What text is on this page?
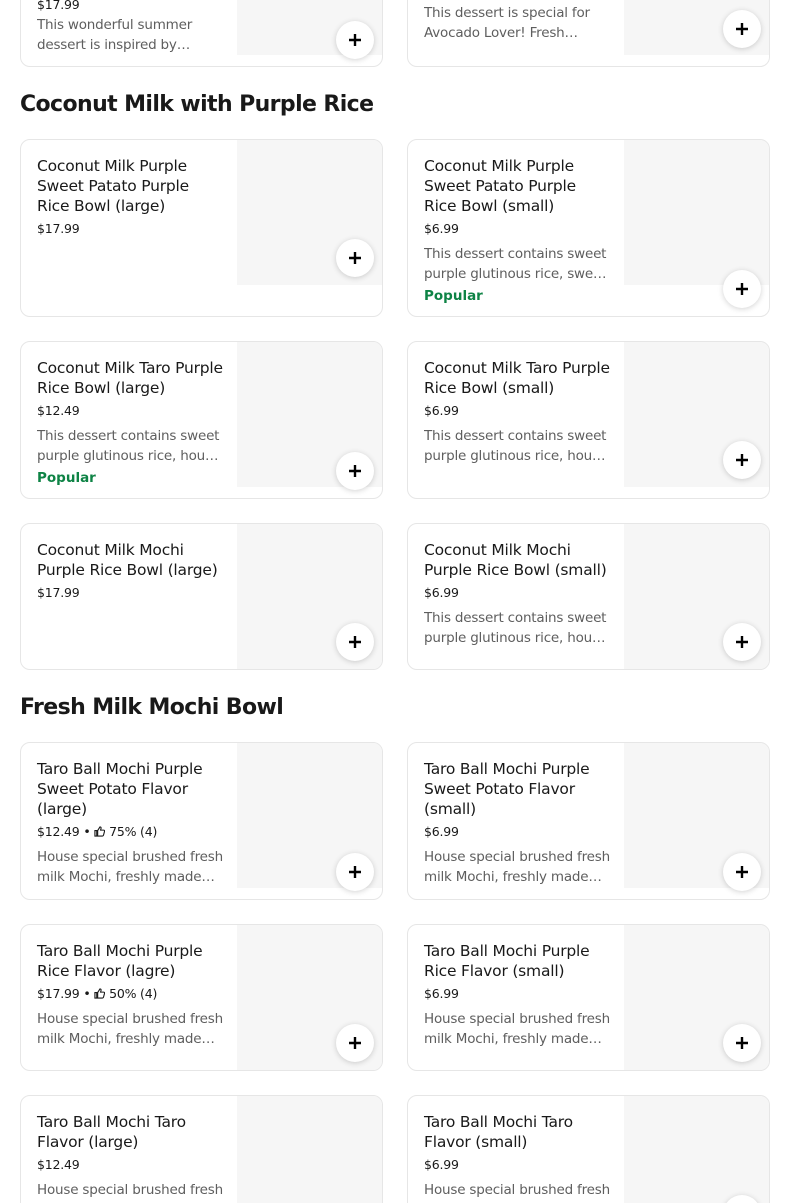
$17.99
This wonderful summer dessert is inspired by
This dessert is special for Avocado Lover! Fresh
Coconut Milk with Purple Rice
Coconut Milk Purple Sweet Patato Purple Rice Bowl (large)
$17.99
Coconut Milk Purple Sweet Patato Purple Rice Bowl (small)
$6.99
This dessert contains sweet purple glutinous rice, sweet
Popular
Coconut Milk Taro Purple Rice Bowl (large)
$12.49
This dessert contains sweet purple glutinous rice, house
Popular
Coconut Milk Taro Purple Rice Bowl (small)
$6.99
This dessert contains sweet purple glutinous rice, house
Coconut Milk Mochi Purple Rice Bowl (large)
$17.99
Coconut Milk Mochi Purple Rice Bowl (small)
$6.99
This dessert contains sweet purple glutinous rice, house
Fresh Milk Mochi Bowl
Taro Ball Mochi Purple Sweet Potato Flavor (large)
$12.49 • 75% (4)
House special brushed fresh milk Mochi, freshly made
Taro Ball Mochi Purple Sweet Potato Flavor (small)
$6.99
House special brushed fresh milk Mochi, freshly made
Taro Ball Mochi Purple Rice Flavor (lagre)
$17.99 • 50% (4)
House special brushed fresh milk Mochi, freshly made
Taro Ball Mochi Purple Rice Flavor (small)
$6.99
House special brushed fresh milk Mochi, freshly made
Taro Ball Mochi Taro Flavor (large)
$12.49
House special brushed fresh
Taro Ball Mochi Taro Flavor (small)
$6.99
House special brushed fresh
